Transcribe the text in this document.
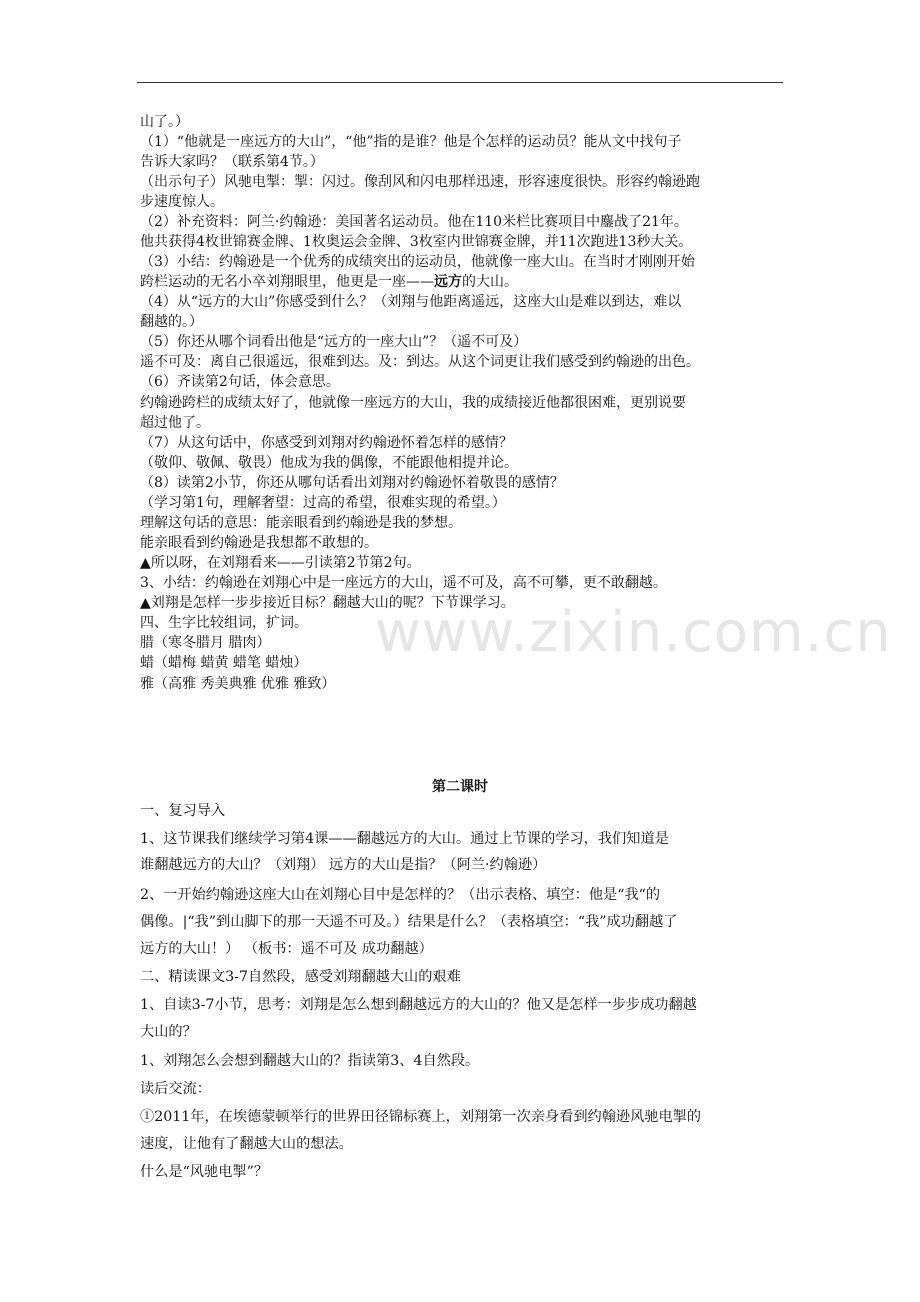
www.zixin.com.cn
山了。）
（1）“他就是一座远方的大山”，“他”指的是谁？他是个怎样的运动员？能从文中找句子
告诉大家吗？（联系第4节。）
（出示句子）风驰电掣：掣：闪过。像刮风和闪电那样迅速，形容速度很快。形容约翰逊跑
步速度惊人。
（2）补充资料：阿兰·约翰逊：美国著名运动员。他在110米栏比赛项目中鏖战了21年。
他共获得4枚世锦赛金牌、1枚奥运会金牌、3枚室内世锦赛金牌，并11次跑进13秒大关。
（3）小结：约翰逊是一个优秀的成绩突出的运动员，他就像一座大山。在当时才刚刚开始
跨栏运动的无名小卒刘翔眼里，他更是一座——远方的大山。
（4）从“远方的大山”你感受到什么？（刘翔与他距离遥远，这座大山是难以到达，难以
翻越的。）
（5）你还从哪个词看出他是“远方的一座大山”？（遥不可及）
遥不可及：离自己很遥远，很难到达。及：到达。从这个词更让我们感受到约翰逊的出色。
（6）齐读第2句话，体会意思。
约翰逊跨栏的成绩太好了，他就像一座远方的大山，我的成绩接近他都很困难，更别说要
超过他了。
（7）从这句话中，你感受到刘翔对约翰逊怀着怎样的感情？
（敬仰、敬佩、敬畏）他成为我的偶像，不能跟他相提并论。
（8）读第2小节，你还从哪句话看出刘翔对约翰逊怀着敬畏的感情？
（学习第1句，理解奢望：过高的希望，很难实现的希望。）
理解这句话的意思：能亲眼看到约翰逊是我的梦想。
能亲眼看到约翰逊是我想都不敢想的。
▲所以呀，在刘翔看来——引读第2节第2句。
3、小结：约翰逊在刘翔心中是一座远方的大山，遥不可及，高不可攀，更不敢翻越。
▲刘翔是怎样一步步接近目标？翻越大山的呢？下节课学习。
四、生字比较组词，扩词。
腊（寒冬腊月 腊肉）
蜡（蜡梅 蜡黄 蜡笔 蜡烛）
雅（高雅 秀美典雅 优雅 雅致）
第二课时
一、复习导入
1、这节课我们继续学习第4课——翻越远方的大山。通过上节课的学习，我们知道是
谁翻越远方的大山？（刘翔） 远方的大山是指？（阿兰·约翰逊）
2、一开始约翰逊这座大山在刘翔心目中是怎样的？（出示表格、填空：他是“我“的
偶像。|“我”到山脚下的那一天遥不可及。）结果是什么？（表格填空：“我”成功翻越了
远方的大山！） （板书：遥不可及 成功翻越）
二、精读课文3-7自然段，感受刘翔翻越大山的艰难
1、自读3-7小节，思考：刘翔是怎么想到翻越远方的大山的？他又是怎样一步步成功翻越
大山的？
1、刘翔怎么会想到翻越大山的？指读第3、4自然段。
读后交流：
①2011年，在埃德蒙顿举行的世界田径锦标赛上，刘翔第一次亲身看到约翰逊风驰电掣的
速度，让他有了翻越大山的想法。
什么是“风驰电掣”？
